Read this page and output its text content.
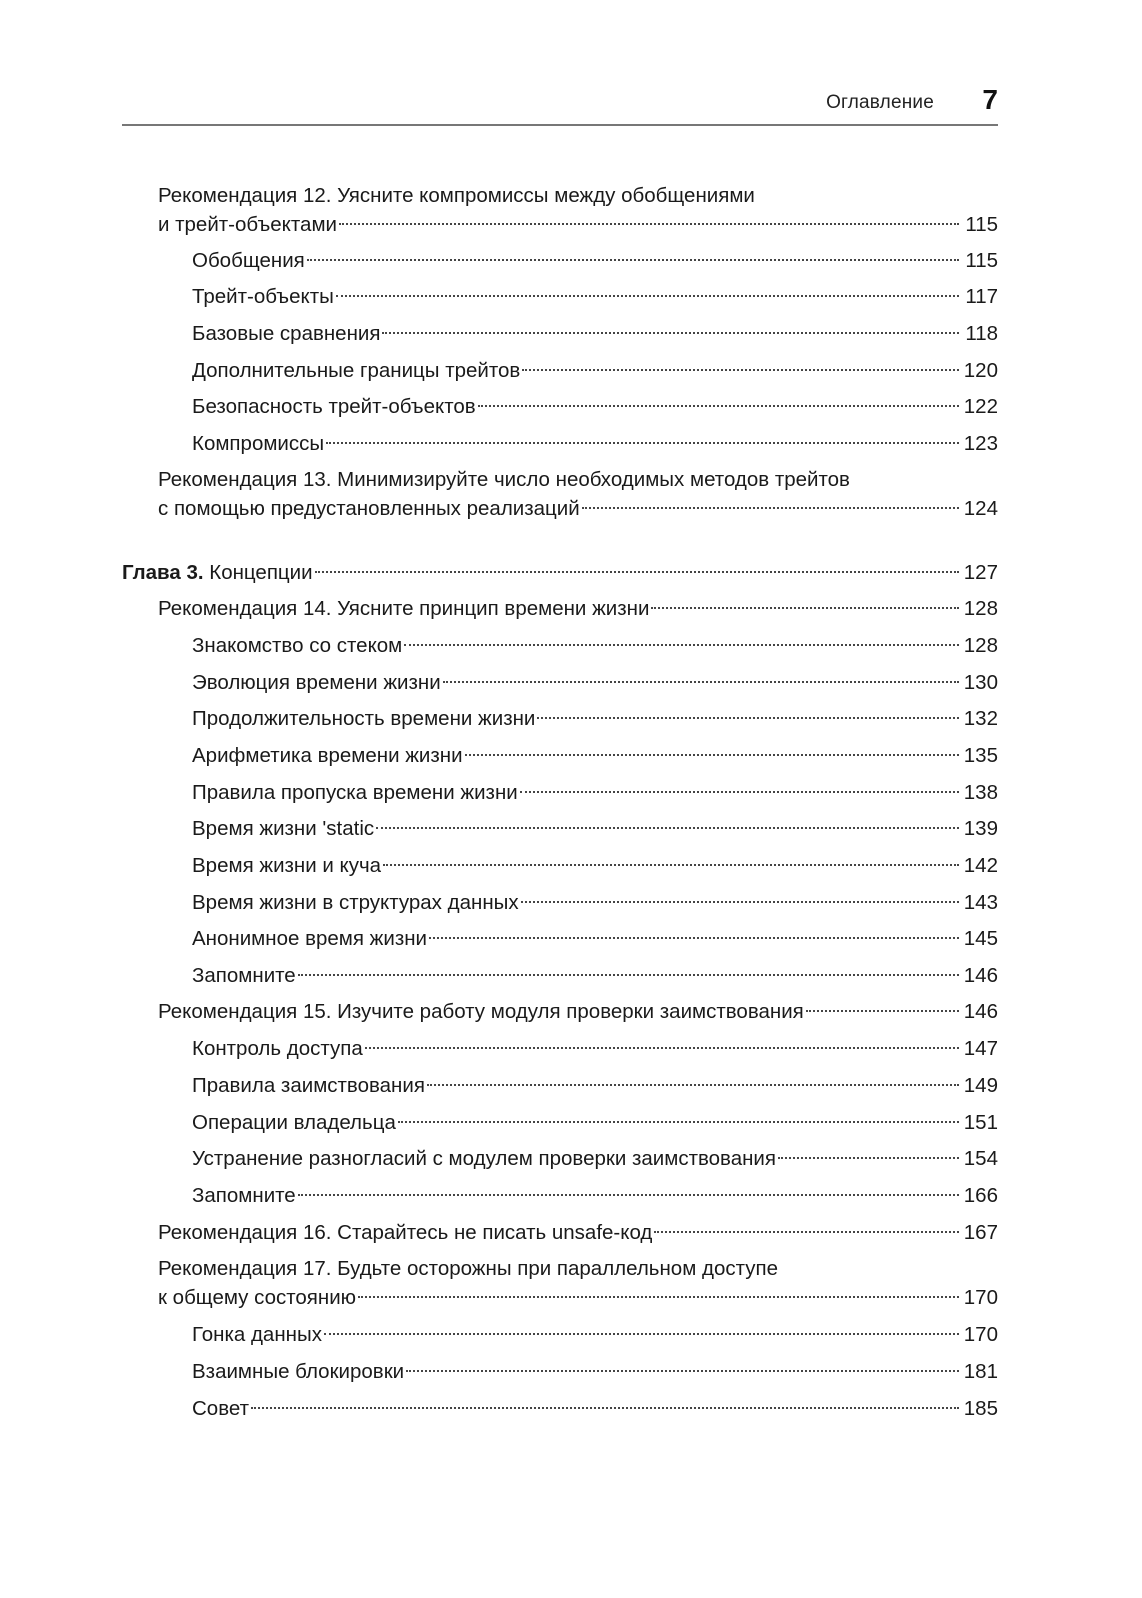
Оглавление 7
Рекомендация 12. Уясните компромиссы между обобщениями
и трейт-объектами	115
Обобщения	115
Трейт-объекты	117
Базовые сравнения	118
Дополнительные границы трейтов	120
Безопасность трейт-объектов	122
Компромиссы	123
Рекомендация 13. Минимизируйте число необходимых методов трейтов
с помощью предустановленных реализаций	124
Глава 3. Концепции	127
Рекомендация 14. Уясните принцип времени жизни	128
Знакомство со стеком	128
Эволюция времени жизни	130
Продолжительность времени жизни	132
Арифметика времени жизни	135
Правила пропуска времени жизни	138
Время жизни 'static	139
Время жизни и куча	142
Время жизни в структурах данных	143
Анонимное время жизни	145
Запомните	146
Рекомендация 15. Изучите работу модуля проверки заимствования	146
Контроль доступа	147
Правила заимствования	149
Операции владельца	151
Устранение разногласий с модулем проверки заимствования	154
Запомните	166
Рекомендация 16. Старайтесь не писать unsafe-код	167
Рекомендация 17. Будьте осторожны при параллельном доступе
к общему состоянию	170
Гонка данных	170
Взаимные блокировки	181
Совет	185
